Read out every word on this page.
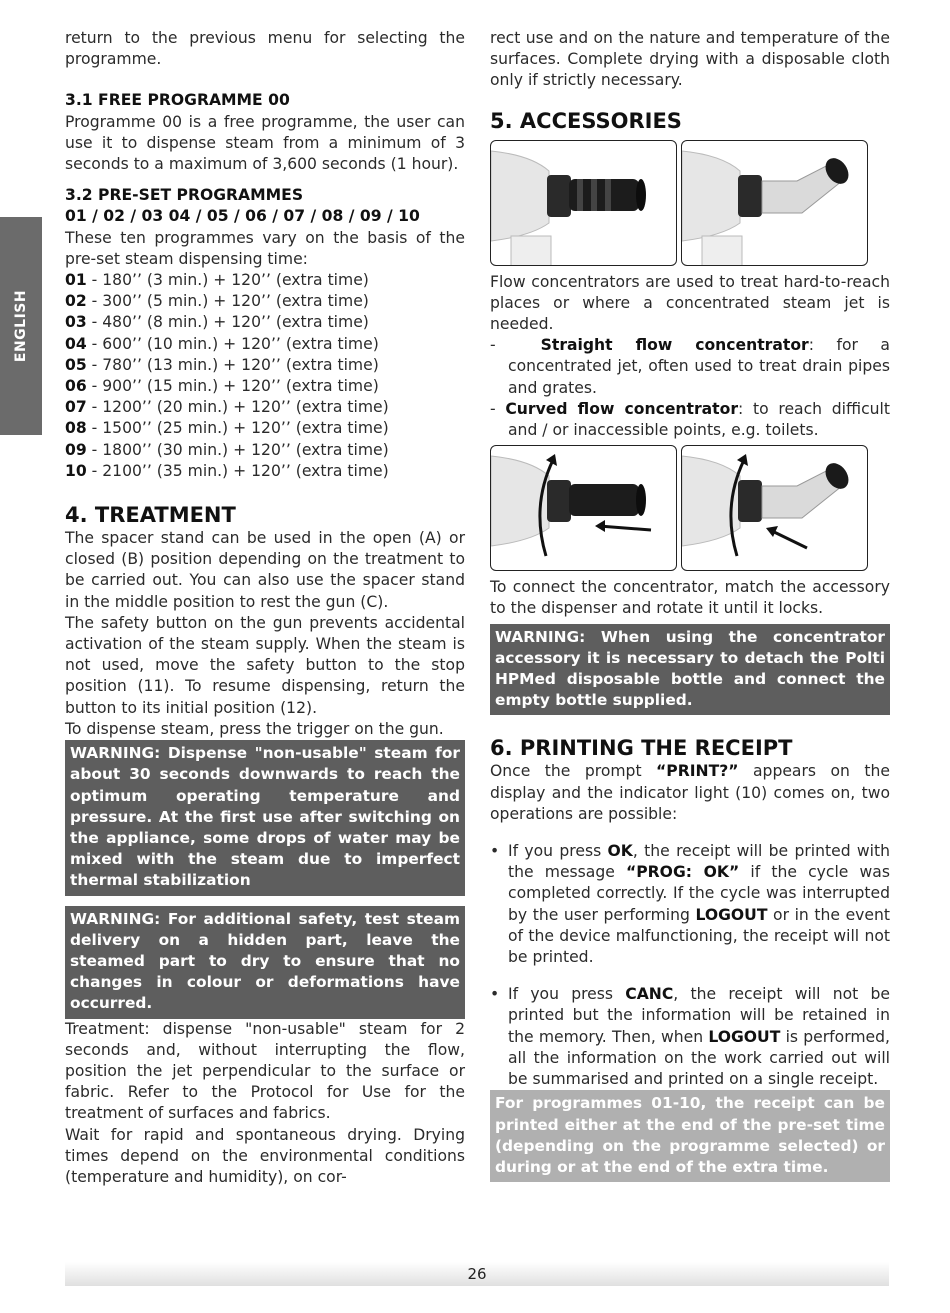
ENGLISH

return to the previous menu for selecting the programme.

3.1 FREE PROGRAMME 00

Programme 00 is a free programme, the user can use it to dispense steam from a minimum of 3 seconds to a maximum of 3,600 seconds (1 hour).

3.2 PRE-SET PROGRAMMES

01 / 02 / 03 04 / 05 / 06 / 07 / 08 / 09 / 10

These ten programmes vary on the basis of the pre-set steam dispensing time:

01 - 180’’ (3 min.) + 120’’ (extra time)

02 - 300’’ (5 min.) + 120’’ (extra time)

03 - 480’’ (8 min.) + 120’’ (extra time)

04 - 600’’ (10 min.) + 120’’ (extra time)

05 - 780’’ (13 min.) + 120’’ (extra time)

06 - 900’’ (15 min.) + 120’’ (extra time)

07 - 1200’’ (20 min.) + 120’’ (extra time)

08 - 1500’’ (25 min.) + 120’’ (extra time)

09 - 1800’’ (30 min.) + 120’’ (extra time)

10 - 2100’’ (35 min.) + 120’’ (extra time)

4. TREATMENT

The spacer stand can be used in the open (A) or closed (B) position depending on the treatment to be carried out. You can also use the spacer stand in the middle position to rest the gun (C).

The safety button on the gun prevents accidental activation of the steam supply. When the steam is not used, move the safety button to the stop position (11). To resume dispensing, return the button to its initial position (12).

To dispense steam, press the trigger on the gun.

WARNING: Dispense "non-usable" steam for about 30 seconds downwards to reach the optimum operating temperature and pressure. At the first use after switching on the appliance, some drops of water may be mixed with the steam due to imperfect thermal stabilization
WARNING: For additional safety, test steam delivery on a hidden part, leave the steamed part to dry to ensure that no changes in colour or deformations have occurred.

Treatment: dispense "non-usable" steam for 2 seconds and, without interrupting the flow, position the jet perpendicular to the surface or fabric. Refer to the Protocol for Use for the treatment of surfaces and fabrics.

Wait for rapid and spontaneous drying. Drying times depend on the environmental conditions (temperature and humidity), on cor-

rect use and on the nature and temperature of the surfaces. Complete drying with a disposable cloth only if strictly necessary.

5. ACCESSORIES

Flow concentrators are used to treat hard-to-reach places or where a concentrated steam jet is needed.

-  Straight flow concentrator: for a concentrated jet, often used to treat drain pipes and grates.

- Curved flow concentrator: to reach difficult and / or inaccessible points, e.g. toilets.

To connect the concentrator, match the accessory to the dispenser and rotate it until it locks.

WARNING: When using the concentrator accessory it is necessary to detach the Polti HPMed disposable bottle and connect the empty bottle supplied.

6. PRINTING THE RECEIPT

Once the prompt “PRINT?” appears on the display and the indicator light (10) comes on, two operations are possible:

• If you press OK, the receipt will be printed with the message “PROG: OK” if the cycle was completed correctly. If the cycle was interrupted by the user performing LOGOUT or in the event of the device malfunctioning, the receipt will not be printed.

• If you press CANC, the receipt will not be printed but the information will be retained in the memory. Then, when LOGOUT is performed, all the information on the work carried out will be summarised and printed on a single receipt.

For programmes 01-10, the receipt can be printed either at the end of the pre-set time (depending on the programme selected) or during or at the end of the extra time.
26
